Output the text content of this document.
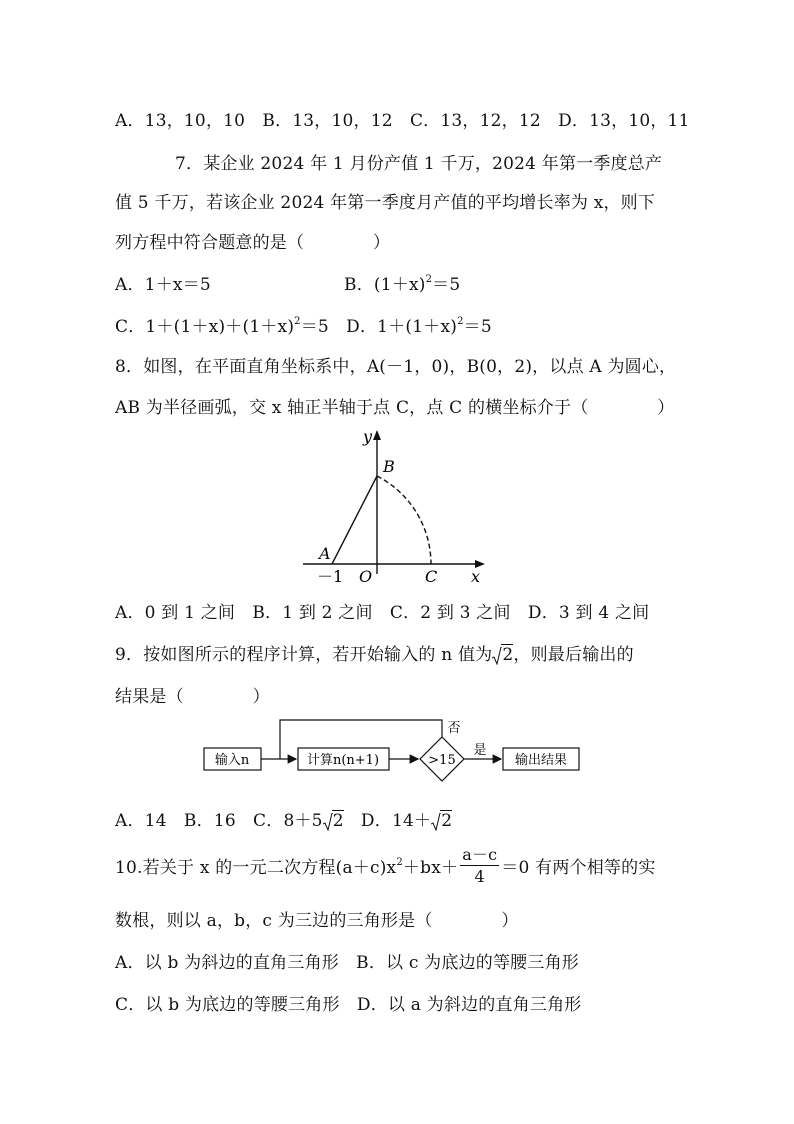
A．13，10，10　B．13，10，12　C．13，12，12　D．13，10，11
7．某企业 2024 年 1 月份产值 1 千万，2024 年第一季度总产
值 5 千万，若该企业 2024 年第一季度月产值的平均增长率为 x，则下
列方程中符合题意的是（　　　　）
A．1＋x＝5	B．$(1+x)^2=5$
C．$1+(1+x)+(1+x)^2=5$　D．$1+(1+x)^2=5$
8．如图，在平面直角坐标系中，A(－1，0)，B(0，2)，以点 A 为圆心，
AB 为半径画弧，交 x 轴正半轴于点 C，点 C 的横坐标介于（　　　　）
y
B
A
－1 O	C x
A．0 到 1 之间　B．1 到 2 之间　C．2 到 3 之间　D．3 到 4 之间
9．按如图所示的程序计算，若开始输入的 n 值为 2，则最后输出的
结果是（　　　　）
输入n	计算n(n+1)	>15
是
输出结果
否
A．14　B．16　C．8＋5 2　D．14＋ 2
10.若关于 x 的一元二次方程$(a+c)x^2+bx+ \frac{a-c}{4} =0$ 有两个相等的实
数根，则以 a，b，c 为三边的三角形是（　　　　）
A．以 b 为斜边的直角三角形　B．以 c 为底边的等腰三角形
C．以 b 为底边的等腰三角形　D．以 a 为斜边的直角三角形
